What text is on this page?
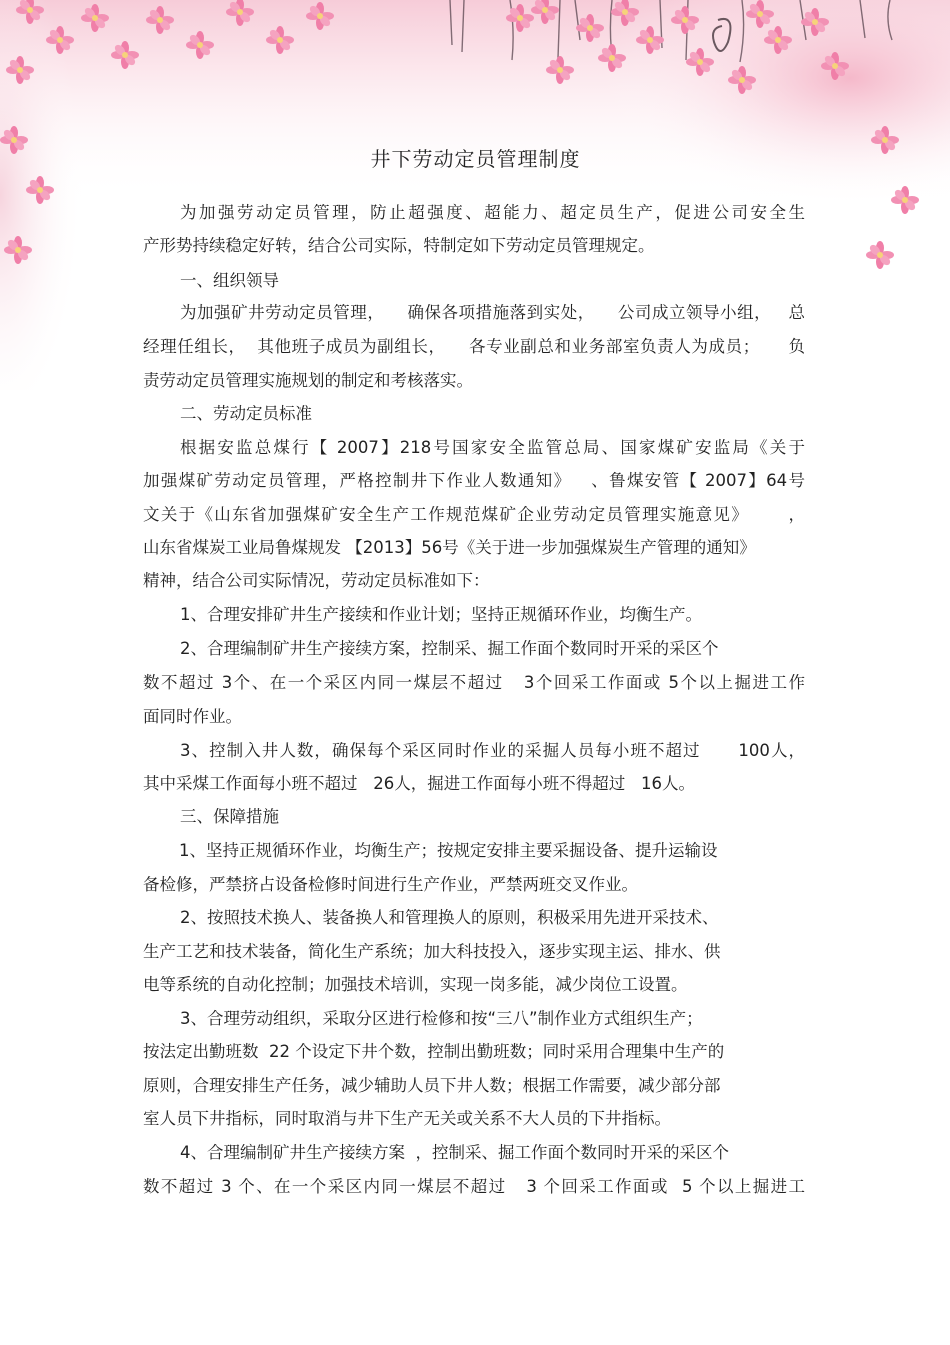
井下劳动定员管理制度
为加强劳动定员管理，防止超强度、超能力、超定员生产，促进公司安全生
产形势持续稳定好转，结合公司实际，特制定如下劳动定员管理规定。
一、组织领导
为加强矿井劳动定员管理，    确保各项措施落到实处，    公司成立领导小组，   总
经理任组长，  其他班子成员为副组长，    各专业副总和业务部室负责人为成员；     负
责劳动定员管理实施规划的制定和考核落实。
二、劳动定员标准
根据安监总煤行【 2007】218号国家安全监管总局、国家煤矿安监局《关于
加强煤矿劳动定员管理，严格控制井下作业人数通知》   、鲁煤安管【 2007】64号
文关于《山东省加强煤矿安全生产工作规范煤矿企业劳动定员管理实施意见》      ，
山东省煤炭工业局鲁煤规发 【2013】56号《关于进一步加强煤炭生产管理的通知》
精神，结合公司实际情况，劳动定员标准如下：
1、合理安排矿井生产接续和作业计划；坚持正规循环作业，均衡生产。
2、合理编制矿井生产接续方案，控制采、掘工作面个数同时开采的采区个
数不超过 3个、在一个采区内同一煤层不超过   3个回采工作面或 5个以上掘进工作
面同时作业。
3、控制入井人数，确保每个采区同时作业的采掘人员每小班不超过      100人，
其中采煤工作面每小班不超过   26人，掘进工作面每小班不得超过   16人。
三、保障措施
1、坚持正规循环作业，均衡生产；按规定安排主要采掘设备、提升运输设
备检修，严禁挤占设备检修时间进行生产作业，严禁两班交叉作业。
2、按照技术换人、装备换人和管理换人的原则，积极采用先进开采技术、
生产工艺和技术装备，简化生产系统；加大科技投入，逐步实现主运、排水、供
电等系统的自动化控制；加强技术培训，实现一岗多能，减少岗位工设置。
3、合理劳动组织，采取分区进行检修和按“三八”制作业方式组织生产；
按法定出勤班数  22 个设定下井个数，控制出勤班数；同时采用合理集中生产的
原则，合理安排生产任务，减少辅助人员下井人数；根据工作需要，减少部分部
室人员下井指标，同时取消与井下生产无关或关系不大人员的下井指标。
4、合理编制矿井生产接续方案  ，控制采、掘工作面个数同时开采的采区个
数不超过 3 个、在一个采区内同一煤层不超过   3 个回采工作面或  5 个以上掘进工
